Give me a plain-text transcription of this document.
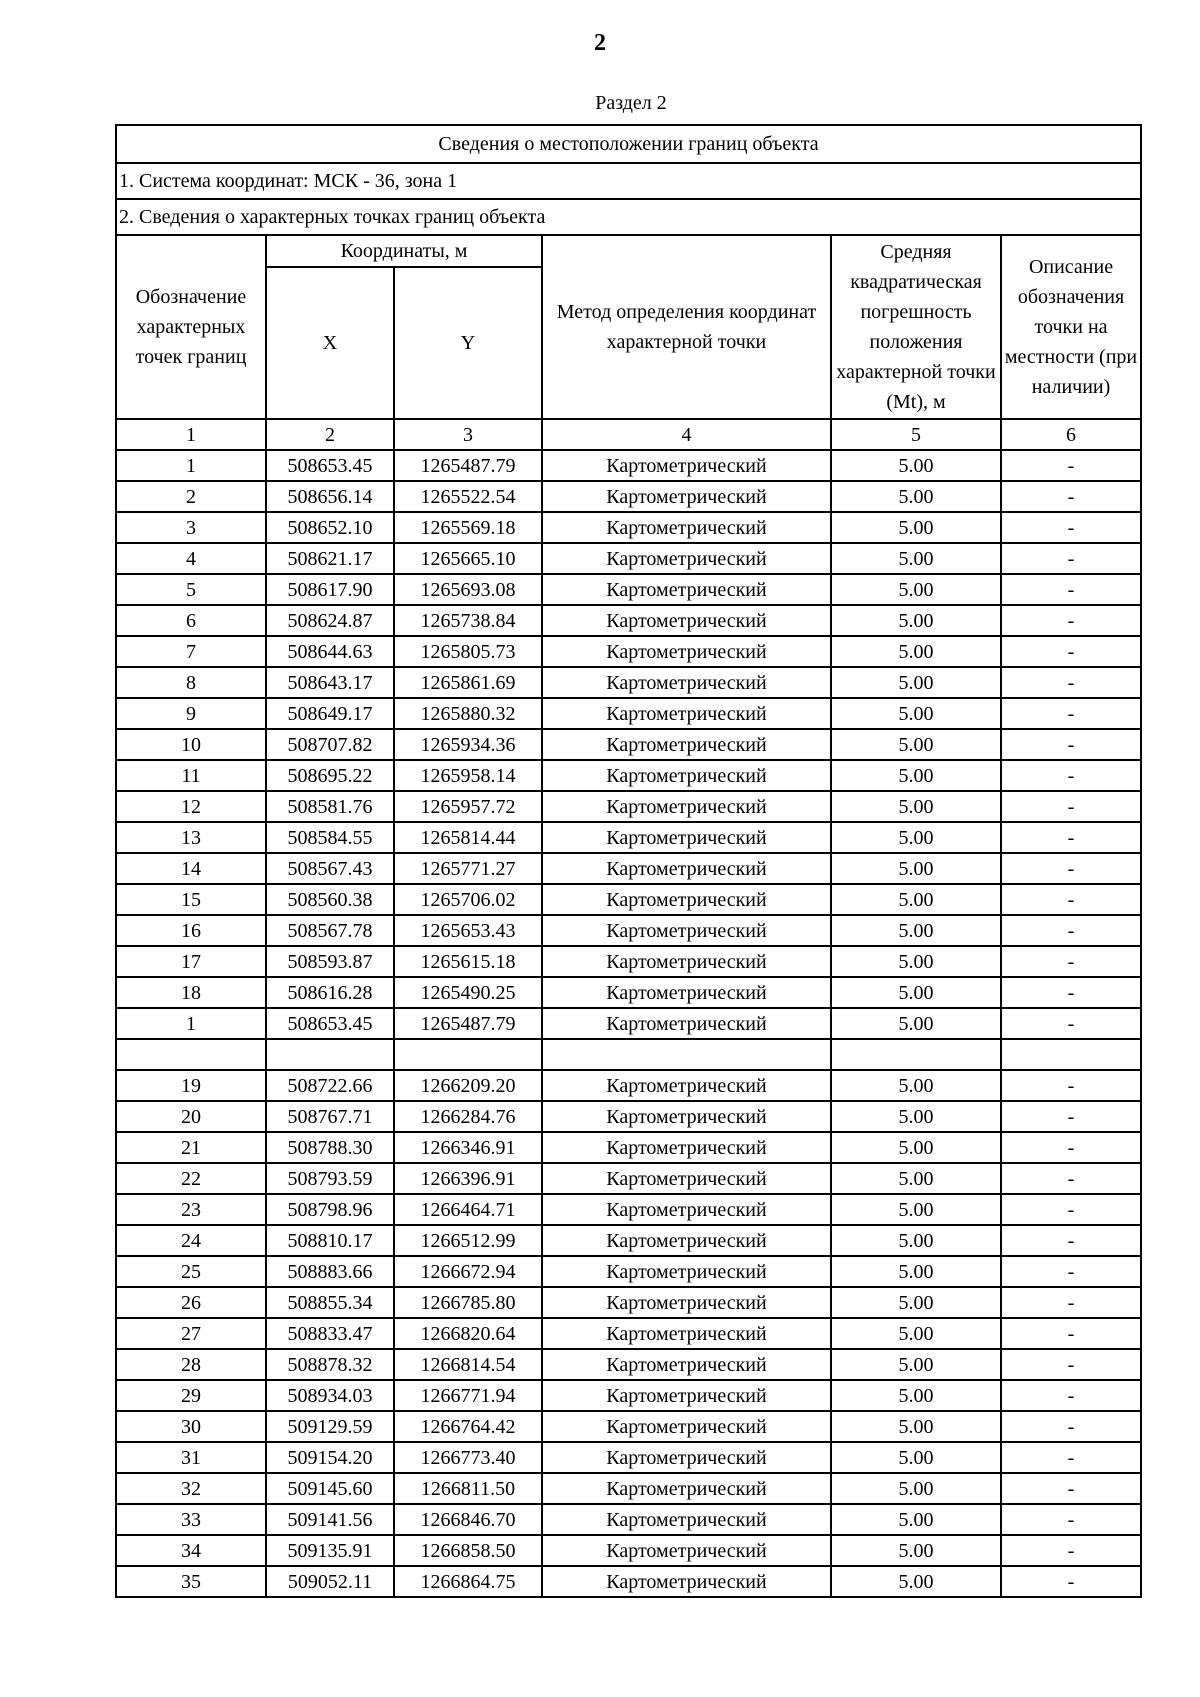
2
Раздел 2
Сведения о местоположении границ объекта					
1. Система координат: МСК - 36, зона 1					
2. Сведения о характерных точках границ объекта					
Обозначение характерных точек границ	Координаты, м		Метод определения координат характерной точки	Средняя квадратическая погрешность положения характерной точки (Mt), м	Описание обозначения точки на местности (при наличии)
	X	Y			
1	2	3	4	5	6
1	508653.45	1265487.79	Картометрический	5.00	-
2	508656.14	1265522.54	Картометрический	5.00	-
3	508652.10	1265569.18	Картометрический	5.00	-
4	508621.17	1265665.10	Картометрический	5.00	-
5	508617.90	1265693.08	Картометрический	5.00	-
6	508624.87	1265738.84	Картометрический	5.00	-
7	508644.63	1265805.73	Картометрический	5.00	-
8	508643.17	1265861.69	Картометрический	5.00	-
9	508649.17	1265880.32	Картометрический	5.00	-
10	508707.82	1265934.36	Картометрический	5.00	-
11	508695.22	1265958.14	Картометрический	5.00	-
12	508581.76	1265957.72	Картометрический	5.00	-
13	508584.55	1265814.44	Картометрический	5.00	-
14	508567.43	1265771.27	Картометрический	5.00	-
15	508560.38	1265706.02	Картометрический	5.00	-
16	508567.78	1265653.43	Картометрический	5.00	-
17	508593.87	1265615.18	Картометрический	5.00	-
18	508616.28	1265490.25	Картометрический	5.00	-
1	508653.45	1265487.79	Картометрический	5.00	-

19	508722.66	1266209.20	Картометрический	5.00	-
20	508767.71	1266284.76	Картометрический	5.00	-
21	508788.30	1266346.91	Картометрический	5.00	-
22	508793.59	1266396.91	Картометрический	5.00	-
23	508798.96	1266464.71	Картометрический	5.00	-
24	508810.17	1266512.99	Картометрический	5.00	-
25	508883.66	1266672.94	Картометрический	5.00	-
26	508855.34	1266785.80	Картометрический	5.00	-
27	508833.47	1266820.64	Картометрический	5.00	-
28	508878.32	1266814.54	Картометрический	5.00	-
29	508934.03	1266771.94	Картометрический	5.00	-
30	509129.59	1266764.42	Картометрический	5.00	-
31	509154.20	1266773.40	Картометрический	5.00	-
32	509145.60	1266811.50	Картометрический	5.00	-
33	509141.56	1266846.70	Картометрический	5.00	-
34	509135.91	1266858.50	Картометрический	5.00	-
35	509052.11	1266864.75	Картометрический	5.00	-
